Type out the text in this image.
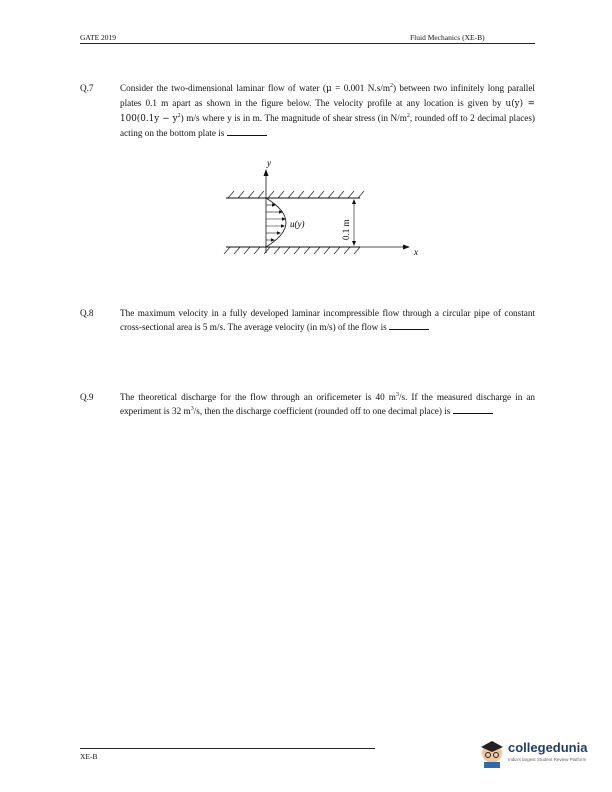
GATE 2019	Fluid Mechanics (XE-B)
Q.7	Consider the two-dimensional laminar flow of water (μ = 0.001 $N.s/m^2$) between two infinitely long parallel plates 0.1 m apart as shown in the figure below. The velocity profile at any location is given by $u(y) = 100(0.1y - y^2)$ m/s where y is in m. The magnitude of shear stress (in $N/m^2$, rounded off to 2 decimal places) acting on the bottom plate is
y
x
u(y)	0.1 m
Q.8	The maximum velocity in a fully developed laminar incompressible flow through a circular pipe of constant cross-sectional area is 5 m/s. The average velocity (in m/s) of the flow is
Q.9	The theoretical discharge for the flow through an orificemeter is 40 $m^3/s$. If the measured discharge in an experiment is 32 $m^3/s$, then the discharge coefficient (rounded off to one decimal place) is
XE-B
collegedunia
India's largest Student Review Platform
